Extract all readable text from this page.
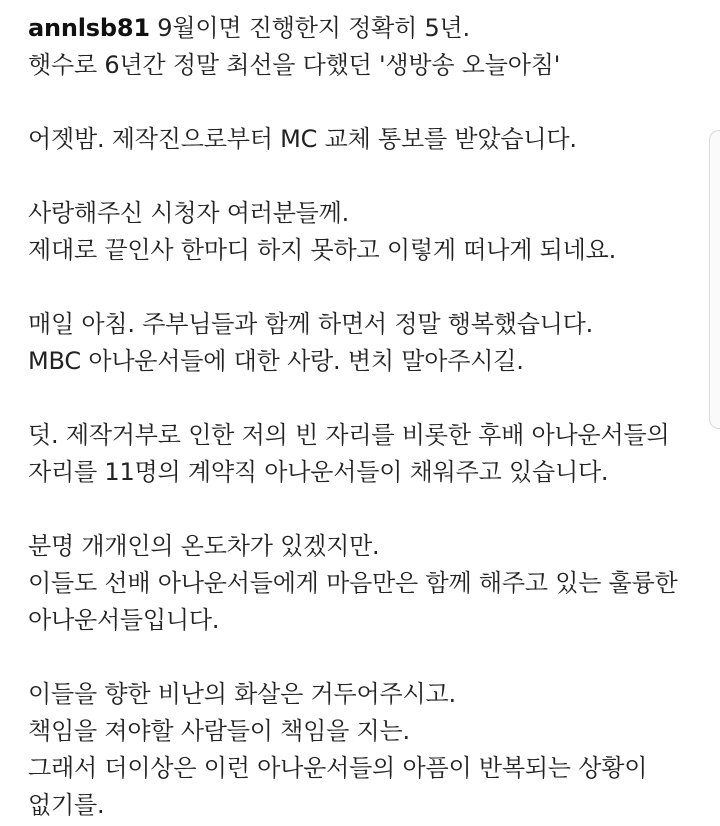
annlsb81 9월이면 진행한지 정확히 5년.
햇수로 6년간 정말 최선을 다했던 '생방송 오늘아침'
어젯밤. 제작진으로부터 MC 교체 통보를 받았습니다.
사랑해주신 시청자 여러분들께.
제대로 끝인사 한마디 하지 못하고 이렇게 떠나게 되네요.
매일 아침. 주부님들과 함께 하면서 정말 행복했습니다.
MBC 아나운서들에 대한 사랑. 변치 말아주시길.
덧. 제작거부로 인한 저의 빈 자리를 비롯한 후배 아나운서들의
자리를 11명의 계약직 아나운서들이 채워주고 있습니다.
분명 개개인의 온도차가 있겠지만.
이들도 선배 아나운서들에게 마음만은 함께 해주고 있는 훌륭한
아나운서들입니다.
이들을 향한 비난의 화살은 거두어주시고.
책임을 져야할 사람들이 책임을 지는.
그래서 더이상은 이런 아나운서들의 아픔이 반복되는 상황이
없기를.
